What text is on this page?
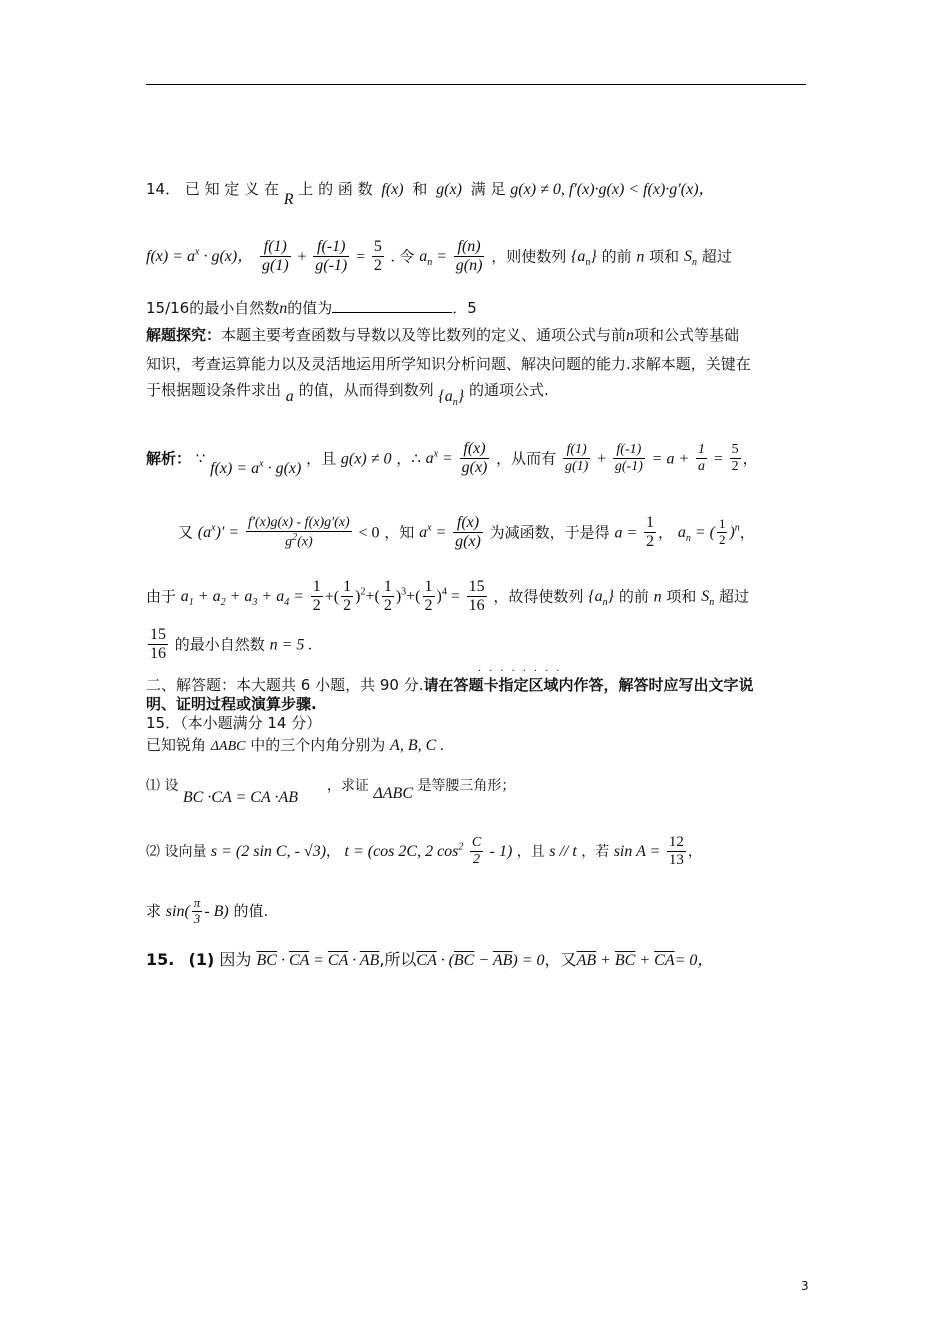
14． 已 知 定 义 在 R 上 的 函 数  f(x)  和  g(x)  满 足 g(x) ≠ 0, f′(x)·g(x) < f(x)·g′(x)，
$f(x) = a^x \cdot g(x)$， $\frac{f(1)}{g(1)} + \frac{f(-1)}{g(-1)} = \frac{5}{2}$ . 令 $a_n = \frac{f(n)}{g(n)}$ ，则使数列 $\{a_n\}$ 的前 n 项和 $S_n$ 超过
15/16的最小自然数n的值为	．5
解题探究：本题主要考查函数与导数以及等比数列的定义、通项公式与前n项和公式等基础
知识，考查运算能力以及灵活地运用所学知识分析问题、解决问题的能力.求解本题，关键在
于根据题设条件求出 a 的值，从而得到数列 $\{a_n\}$ 的通项公式.
解析： ∵ $f(x) = a^x \cdot g(x)$ ，且 g(x) ≠ 0 ，∴ $a^x = \frac{f(x)}{g(x)}$ ，从而有 $\frac{f(1)}{g(1)} + \frac{f(-1)}{g(-1)} = a + \frac{1}{a} = \frac{5}{2}$ ，
又 $(a^x)' = \frac{f'(x)g(x) - f(x)g'(x)}{g^2(x)} < 0$ ，知 $a^x = \frac{f(x)}{g(x)}$ 为减函数，于是得 $a = \frac{1}{2}$ ， $a_n$ = ( $\frac{1}{2} )^n$，
由于 $a_1 + a_2 + a_3 + a_4 = \frac{1}{2}$ +( $\frac{1}{2} )^2+( \frac{1}{2} )^3+( \frac{1}{2} )^4 = \frac{15}{16}$ ，故得使数列 $\{a_n\}$ 的前 n 项和 $S_n$ 超过
$\frac{15}{16}$ 的最小自然数 n = 5 .
········
二、解答题：本大题共 6 小题，共 90 分.请在答题卡指定区域内作答，解答时应写出文字说
明、证明过程或演算步骤.
15．（本小题满分 14 分）
已知锐角 ΔABC 中的三个内角分别为 A, B, C .
⑴ 设 BC ·CA = CA ·AB  ，求证 ΔABC 是等腰三角形；
⑵ 设向量 s = (2 sin C, - √3)， t = (cos 2C, 2 $\cos^2 \frac{C}{2} - 1$) ，且 s // t ，若 $\sin A = \frac{12}{13}$ ，
求 $\sin( \frac{\pi}{3} - B)$ 的值.
15. (1) 因为 $\overline{BC} \cdot \overline{CA} = \overline{CA} \cdot \overline{AB}$,所以$\overline{CA} \cdot (\overline{BC} - \overline{AB}) = 0$，又$\overline{AB} + \overline{BC} + \overline{CA}= 0$，
3
